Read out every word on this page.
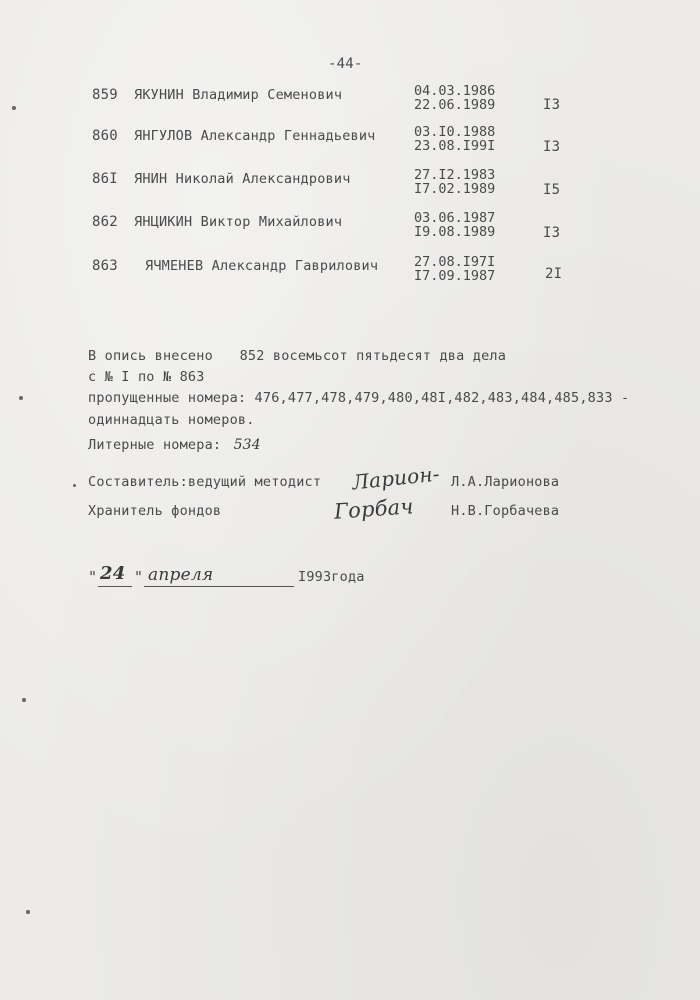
-44-
859 ЯКУНИН Владимир Семенович	04.03.1986
22.06.1989	I3
860 ЯНГУЛОВ Александр Геннадьевич	03.I0.1988
23.08.I99I	I3
86I ЯНИН Николай Александрович	27.I2.1983
I7.02.1989	I5
862 ЯНЦИКИН Виктор Михайлович	03.06.1987
I9.08.1989	I3
863 ЯЧМЕНЕВ Александр Гаврилович	27.08.I97I
I7.09.1987	2I
В опись внесено 852 восемьсот пятьдесят два дела
с № I по № 863
пропущенные номера: 476,477,478,479,480,48I,482,483,484,485,833 -
одиннадцать номеров.
Литерные номера: 534
Составитель:ведущий методист Ларион- Л.А.Ларионова
Хранитель фондов	Горбач	Н.В.Горбачева
" 24 " апреля	I993года
